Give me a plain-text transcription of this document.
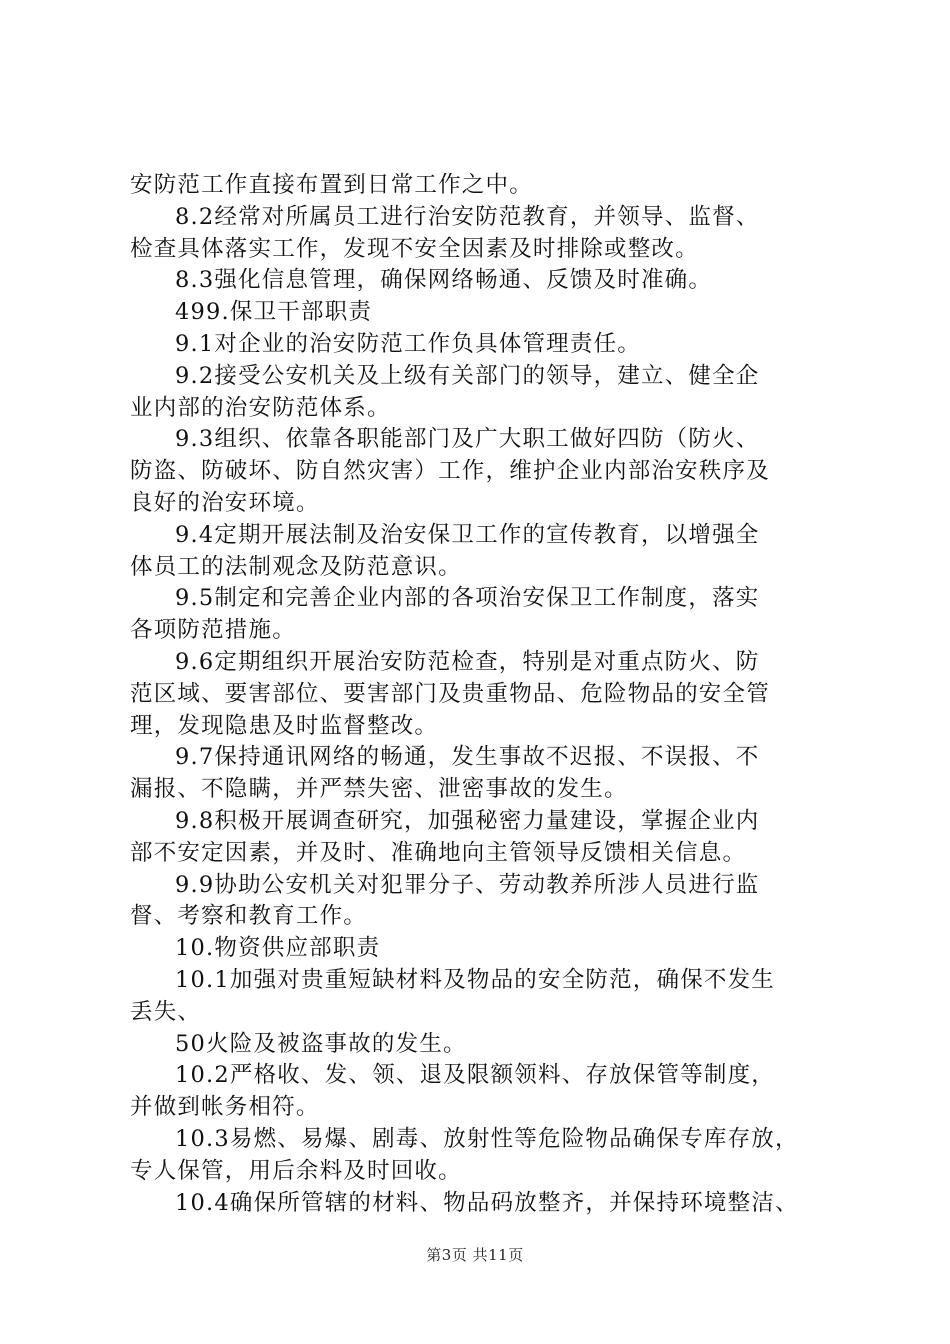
安防范工作直接布置到日常工作之中。
8.2经常对所属员工进行治安防范教育，并领导、监督、
检查具体落实工作，发现不安全因素及时排除或整改。
8.3强化信息管理，确保网络畅通、反馈及时准确。
499.保卫干部职责
9.1对企业的治安防范工作负具体管理责任。
9.2接受公安机关及上级有关部门的领导，建立、健全企
业内部的治安防范体系。
9.3组织、依靠各职能部门及广大职工做好四防（防火、
防盗、防破坏、防自然灾害）工作，维护企业内部治安秩序及
良好的治安环境。
9.4定期开展法制及治安保卫工作的宣传教育，以增强全
体员工的法制观念及防范意识。
9.5制定和完善企业内部的各项治安保卫工作制度，落实
各项防范措施。
9.6定期组织开展治安防范检查，特别是对重点防火、防
范区域、要害部位、要害部门及贵重物品、危险物品的安全管
理，发现隐患及时监督整改。
9.7保持通讯网络的畅通，发生事故不迟报、不误报、不
漏报、不隐瞒，并严禁失密、泄密事故的发生。
9.8积极开展调查研究，加强秘密力量建设，掌握企业内
部不安定因素，并及时、准确地向主管领导反馈相关信息。
9.9协助公安机关对犯罪分子、劳动教养所涉人员进行监
督、考察和教育工作。
10.物资供应部职责
10.1加强对贵重短缺材料及物品的安全防范，确保不发生
丢失、
50火险及被盗事故的发生。
10.2严格收、发、领、退及限额领料、存放保管等制度，
并做到帐务相符。
10.3易燃、易爆、剧毒、放射性等危险物品确保专库存放，
专人保管，用后余料及时回收。
10.4确保所管辖的材料、物品码放整齐，并保持环境整洁、
第3页 共11页
